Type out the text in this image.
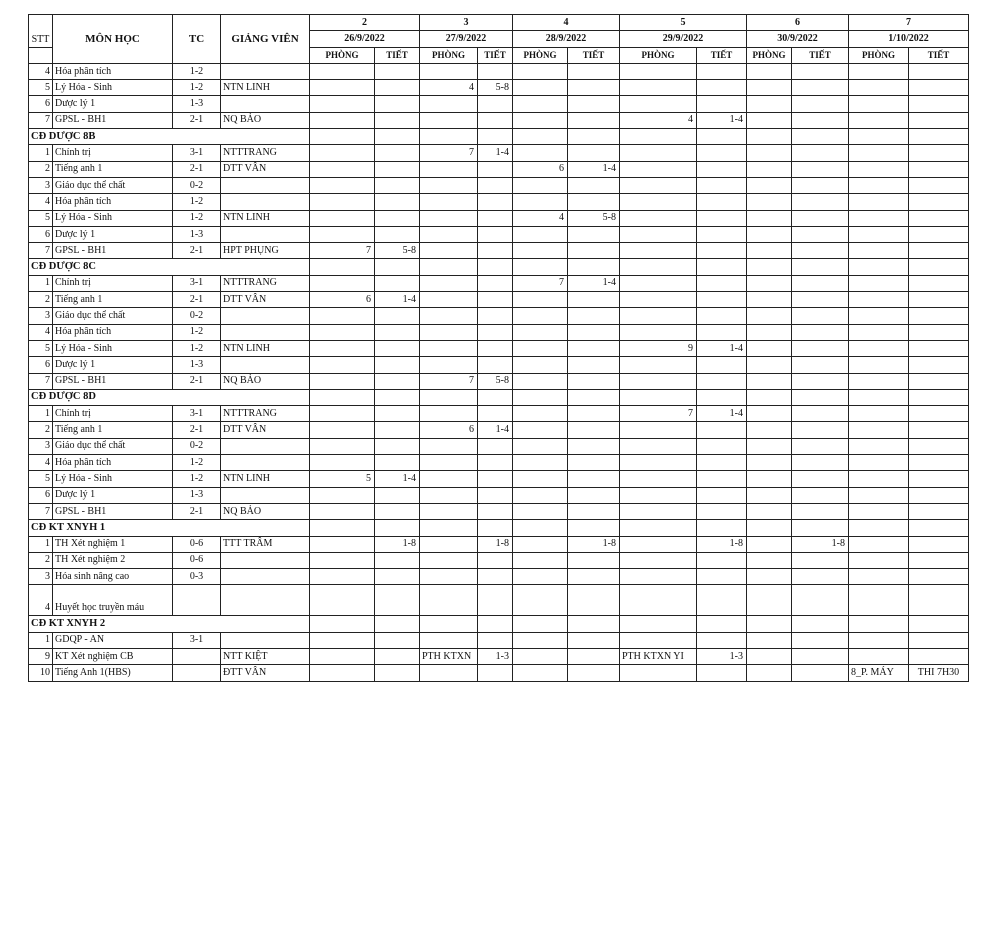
STT	MÔN HỌC	TC	GIẢNG VIÊN	2		3		4		5		6		7	
				26/9/2022		27/9/2022		28/9/2022		29/9/2022		30/9/2022		1/10/2022	
				PHÒNG	TIẾT	PHÒNG	TIẾT	PHÒNG	TIẾT	PHÒNG	TIẾT	PHÒNG	TIẾT	PHÒNG	TIẾT
4	Hóa phân tích	1-2													
5	Lý Hóa - Sinh	1-2	NTN LINH			4	5-8								
6	Dược lý 1	1-3													
7	GPSL - BH1	2-1	NQ BẢO							4	1-4				
CĐ DƯỢC 8B															
1	Chính trị	3-1	NTTTRANG			7	1-4								
2	Tiếng anh 1	2-1	DTT VÂN					6	1-4						
3	Giáo dục thể chất	0-2													
4	Hóa phân tích	1-2													
5	Lý Hóa - Sinh	1-2	NTN LINH					4	5-8						
6	Dược lý 1	1-3													
7	GPSL - BH1	2-1	HPT PHỤNG	7	5-8										
CĐ DƯỢC 8C															
1	Chính trị	3-1	NTTTRANG					7	1-4						
2	Tiếng anh 1	2-1	DTT VÂN	6	1-4										
3	Giáo dục thể chất	0-2													
4	Hóa phân tích	1-2													
5	Lý Hóa - Sinh	1-2	NTN LINH							9	1-4				
6	Dược lý 1	1-3													
7	GPSL - BH1	2-1	NQ BẢO			7	5-8								
CĐ DƯỢC 8D															
1	Chính trị	3-1	NTTTRANG							7	1-4				
2	Tiếng anh 1	2-1	DTT VÂN			6	1-4								
3	Giáo dục thể chất	0-2													
4	Hóa phân tích	1-2													
5	Lý Hóa - Sinh	1-2	NTN LINH	5	1-4										
6	Dược lý 1	1-3													
7	GPSL - BH1	2-1	NQ BẢO												
CĐ KT XNYH 1															
1	TH Xét nghiệm 1	0-6	TTT TRÂM		1-8		1-8		1-8		1-8		1-8		
2	TH Xét nghiệm 2	0-6													
3	Hóa sinh nâng cao	0-3													
4	Huyết học truyền máu														
CĐ KT XNYH 2															
1	GDQP - AN	3-1													
9	KT Xét nghiệm CB		NTT KIỆT			PTH KTXN	1-3			PTH KTXN YI	1-3				
10	Tiếng Anh 1(HBS)		ĐTT VÂN											8_P. MÁY	THI 7H30
